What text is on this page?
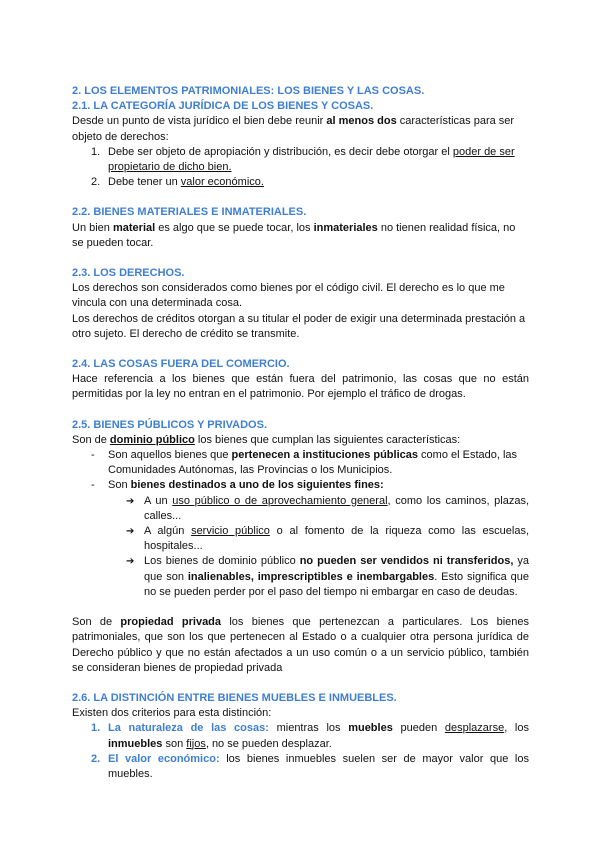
2. LOS ELEMENTOS PATRIMONIALES: LOS BIENES Y LAS COSAS.
2.1. LA CATEGORÍA JURÍDICA DE LOS BIENES Y COSAS.

Desde un punto de vista jurídico el bien debe reunir al menos dos características para ser objeto de derechos:

1. Debe ser objeto de apropiación y distribución, es decir debe otorgar el poder de ser propietario de dicho bien.
2. Debe tener un valor económico.
2.2. BIENES MATERIALES E INMATERIALES.

Un bien material es algo que se puede tocar, los inmateriales no tienen realidad física, no se pueden tocar.

2.3. LOS DERECHOS.

Los derechos son considerados como bienes por el código civil. El derecho es lo que me vincula con una determinada cosa.

Los derechos de créditos otorgan a su titular el poder de exigir una determinada prestación a otro sujeto. El derecho de crédito se transmite.

2.4. LAS COSAS FUERA DEL COMERCIO.

Hace referencia a los bienes que están fuera del patrimonio, las cosas que no están permitidas por la ley no entran en el patrimonio. Por ejemplo el tráfico de drogas.

2.5. BIENES PÚBLICOS Y PRIVADOS.

Son de dominio público los bienes que cumplan las siguientes características:

- Son aquellos bienes que pertenecen a instituciones públicas como el Estado, las Comunidades Autónomas, las Provincias o los Municipios.
- Son bienes destinados a uno de los siguientes fines:
➔ A un uso público o de aprovechamiento general, como los caminos, plazas, calles...
➔ A algún servicio público o al fomento de la riqueza como las escuelas, hospitales...
➔ Los bienes de dominio público no pueden ser vendidos ni transferidos, ya que son inalienables, imprescriptibles e inembargables. Esto significa que no se pueden perder por el paso del tiempo ni embargar en caso de deudas.

Son de propiedad privada los bienes que pertenezcan a particulares. Los bienes patrimoniales, que son los que pertenecen al Estado o a cualquier otra persona jurídica de Derecho público y que no están afectados a un uso común o a un servicio público, también se consideran bienes de propiedad privada

2.6. LA DISTINCIÓN ENTRE BIENES MUEBLES E INMUEBLES.

Existen dos criterios para esta distinción:

1. La naturaleza de las cosas: mientras los muebles pueden desplazarse, los inmuebles son fijos, no se pueden desplazar.
2. El valor económico: los bienes inmuebles suelen ser de mayor valor que los muebles.
